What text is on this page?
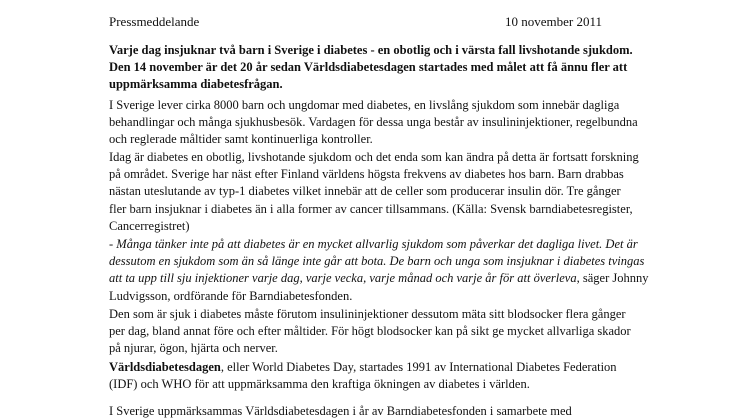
Pressmeddelande	10 november 2011
Varje dag insjuknar två barn i Sverige i diabetes - en obotlig och i värsta fall livshotande sjukdom.
Den 14 november är det 20 år sedan Världsdiabetesdagen startades med målet att få ännu fler att
uppmärksamma diabetesfrågan.
I Sverige lever cirka 8000 barn och ungdomar med diabetes, en livslång sjukdom som innebär dagliga
behandlingar och många sjukhusbesök. Vardagen för dessa unga består av insulininjektioner, regelbundna
och reglerade måltider samt kontinuerliga kontroller.
Idag är diabetes en obotlig, livshotande sjukdom och det enda som kan ändra på detta är fortsatt forskning
på området. Sverige har näst efter Finland världens högsta frekvens av diabetes hos barn. Barn drabbas
nästan uteslutande av typ-1 diabetes vilket innebär att de celler som producerar insulin dör. Tre gånger
fler barn insjuknar i diabetes än i alla former av cancer tillsammans. (Källa: Svensk barndiabetesregister,
Cancerregistret)
- Många tänker inte på att diabetes är en mycket allvarlig sjukdom som påverkar det dagliga livet. Det är
dessutom en sjukdom som än så länge inte går att bota. De barn och unga som insjuknar i diabetes tvingas
att ta upp till sju injektioner varje dag, varje vecka, varje månad och varje år för att överleva, säger Johnny
Ludvigsson, ordförande för Barndiabetesfonden.
Den som är sjuk i diabetes måste förutom insulininjektioner dessutom mäta sitt blodsocker flera gånger
per dag, bland annat före och efter måltider. För högt blodsocker kan på sikt ge mycket allvarliga skador
på njurar, ögon, hjärta och nerver.
Världsdiabetesdagen, eller World Diabetes Day, startades 1991 av International Diabetes Federation
(IDF) och WHO för att uppmärksamma den kraftiga ökningen av diabetes i världen.
I Sverige uppmärksammas Världsdiabetesdagen i år av Barndiabetesfonden i samarbete med
